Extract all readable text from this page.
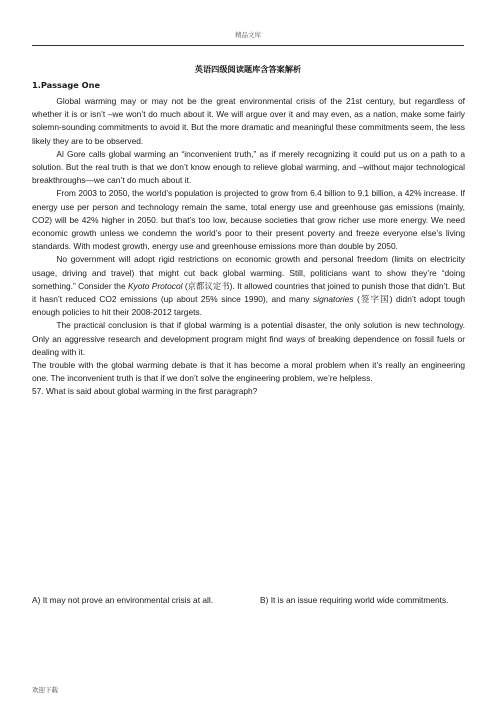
精品文库
英语四级阅读题库含答案解析
1.Passage One

Global warming may or may not be the great environmental crisis of the 21st century, but regardless of whether it is or isn’t –we won’t do much about it. We will argue over it and may even, as a nation, make some fairly solemn-sounding commitments to avoid it. But the more dramatic and meaningful these commitments seem, the less likely they are to be observed.

Al Gore calls global warming an “inconvenient truth,” as if merely recognizing it could put us on a path to a solution. But the real truth is that we don’t know enough to relieve global warming, and –without major technological breakthroughs—we can’t do much about it.

From 2003 to 2050, the world’s population is projected to grow from 6.4 billion to 9.1 billion, a 42% increase. If energy use per person and technology remain the same, total energy use and greenhouse gas emissions (mainly, CO2) will be 42% higher in 2050. but that’s too low, because societies that grow richer use more energy. We need economic growth unless we condemn the world’s poor to their present poverty and freeze everyone else’s living standards. With modest growth, energy use and greenhouse emissions more than double by 2050.

No government will adopt rigid restrictions on economic growth and personal freedom (limits on electricity usage, driving and travel) that might cut back global warming. Still, politicians want to show they’re “doing something.” Consider the Kyoto Protocol (京都议定书). It allowed countries that joined to punish those that didn’t. But it hasn’t reduced CO2 emissions (up about 25% since 1990), and many signatories (签字国) didn’t adopt tough enough policies to hit their 2008-2012 targets.

The practical conclusion is that if global warming is a potential disaster, the only solution is new technology. Only an aggressive research and development program might find ways of breaking dependence on fossil fuels or dealing with it.

The trouble with the global warming debate is that it has become a moral problem when it’s really an engineering one. The inconvenient truth is that if we don’t solve the engineering problem, we’re helpless.

57. What is said about global warming in the first paragraph?

A) It may not prove an environmental crisis at all.	B) It is an issue requiring world wide commitments.
欢迎下载
